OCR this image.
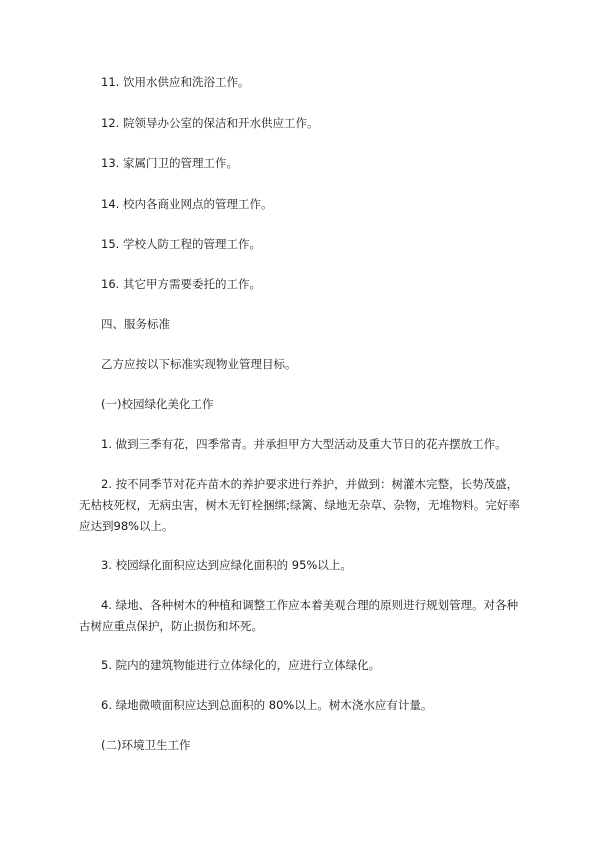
11. 饮用水供应和洗浴工作。

12. 院领导办公室的保洁和开水供应工作。

13. 家属门卫的管理工作。

14. 校内各商业网点的管理工作。

15. 学校人防工程的管理工作。

16. 其它甲方需要委托的工作。

四、服务标准

乙方应按以下标准实现物业管理目标。

(一)校园绿化美化工作

1. 做到三季有花，四季常青。并承担甲方大型活动及重大节日的花卉摆放工作。

2. 按不同季节对花卉苗木的养护要求进行养护，并做到：树灌木完整，长势茂盛，无枯枝死杈，无病虫害，树木无钉栓捆绑;绿篱、绿地无杂草、杂物，无堆物料。完好率应达到98%以上。

3. 校园绿化面积应达到应绿化面积的 95%以上。

4. 绿地、各种树木的种植和调整工作应本着美观合理的原则进行规划管理。对各种古树应重点保护，防止损伤和坏死。

5. 院内的建筑物能进行立体绿化的，应进行立体绿化。

6. 绿地微喷面积应达到总面积的 80%以上。树木浇水应有计量。

(二)环境卫生工作
